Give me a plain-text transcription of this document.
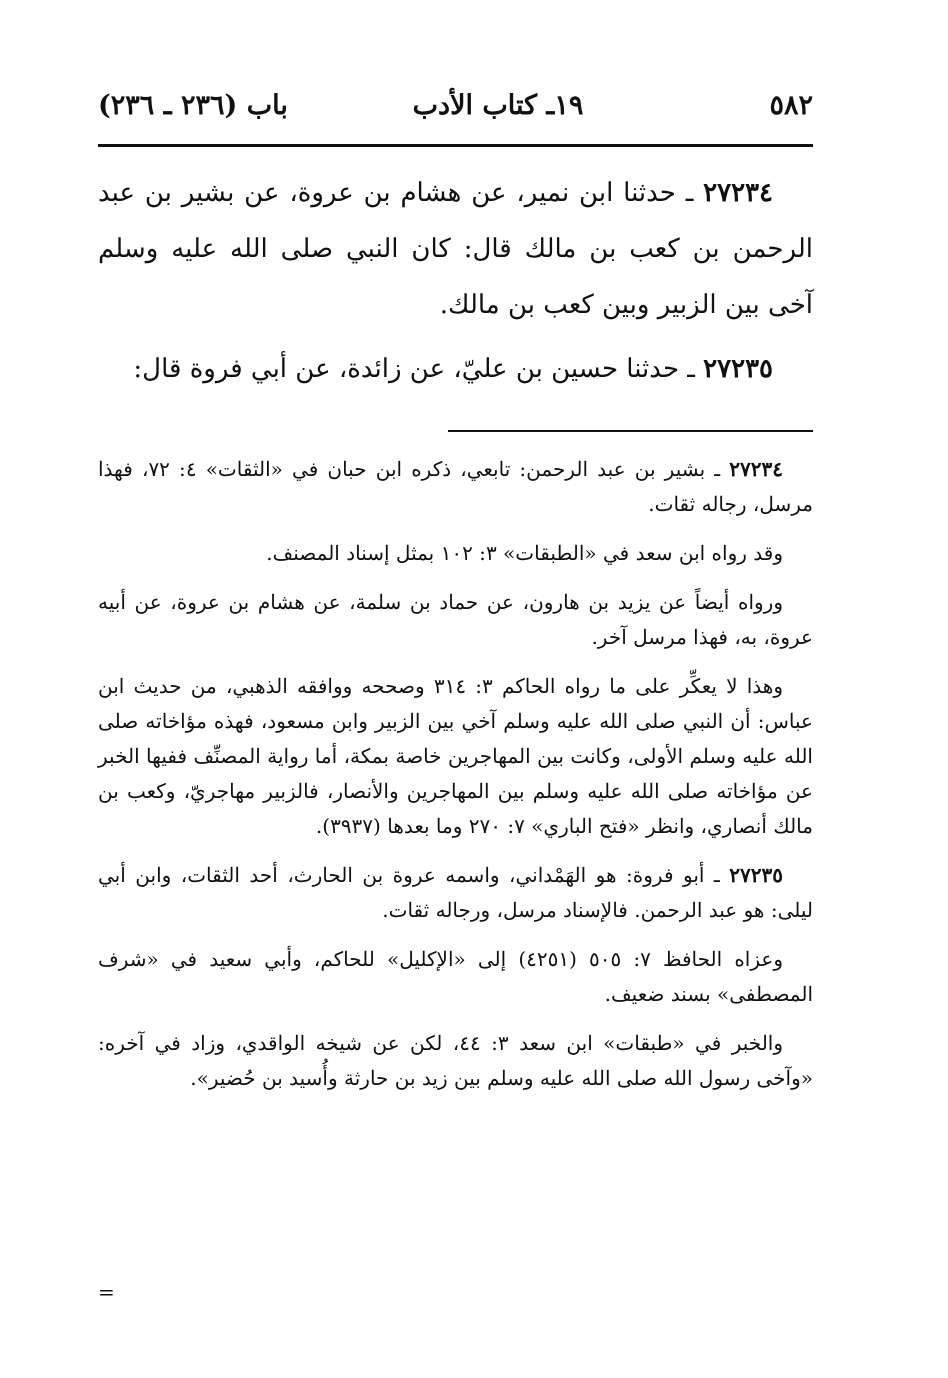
٥٨٢
١٩ـ كتاب الأدب
باب (٢٣٦ ـ ٢٣٦)

٢٧٢٣٤ ـ حدثنا ابن نمير، عن هشام بن عروة، عن بشير بن عبد الرحمن بن كعب بن مالك قال: كان النبي صلى الله عليه وسلم آخى بين الزبير وبين كعب بن مالك.

٢٧٢٣٥ ـ حدثنا حسين بن عليّ، عن زائدة، عن أبي فروة قال:

٢٧٢٣٤ ـ بشير بن عبد الرحمن: تابعي، ذكره ابن حبان في «الثقات» ٤: ٧٢، فهذا مرسل، رجاله ثقات.

وقد رواه ابن سعد في «الطبقات» ٣: ١٠٢ بمثل إسناد المصنف.

ورواه أيضاً عن يزيد بن هارون، عن حماد بن سلمة، عن هشام بن عروة، عن أبيه عروة، به، فهذا مرسل آخر.

وهذا لا يعكِّر على ما رواه الحاكم ٣: ٣١٤ وصححه ووافقه الذهبي، من حديث ابن عباس: أن النبي صلى الله عليه وسلم آخي بين الزبير وابن مسعود، فهذه مؤاخاته صلى الله عليه وسلم الأولى، وكانت بين المهاجرين خاصة بمكة، أما رواية المصنِّف ففيها الخبر عن مؤاخاته صلى الله عليه وسلم بين المهاجرين والأنصار، فالزبير مهاجريّ، وكعب بن مالك أنصاري، وانظر «فتح الباري» ٧: ٢٧٠ وما بعدها (٣٩٣٧).

٢٧٢٣٥ ـ أبو فروة: هو الهَمْداني، واسمه عروة بن الحارث، أحد الثقات، وابن أبي ليلى: هو عبد الرحمن. فالإسناد مرسل، ورجاله ثقات.

وعزاه الحافظ ٧: ٥٠٥ (٤٢٥١) إلى «الإكليل» للحاكم، وأبي سعيد في «شرف المصطفى» بسند ضعيف.

والخبر في «طبقات» ابن سعد ٣: ٤٤، لكن عن شيخه الواقدي، وزاد في آخره: «وآخى رسول الله صلى الله عليه وسلم بين زيد بن حارثة وأُسيد بن حُضير».

=
